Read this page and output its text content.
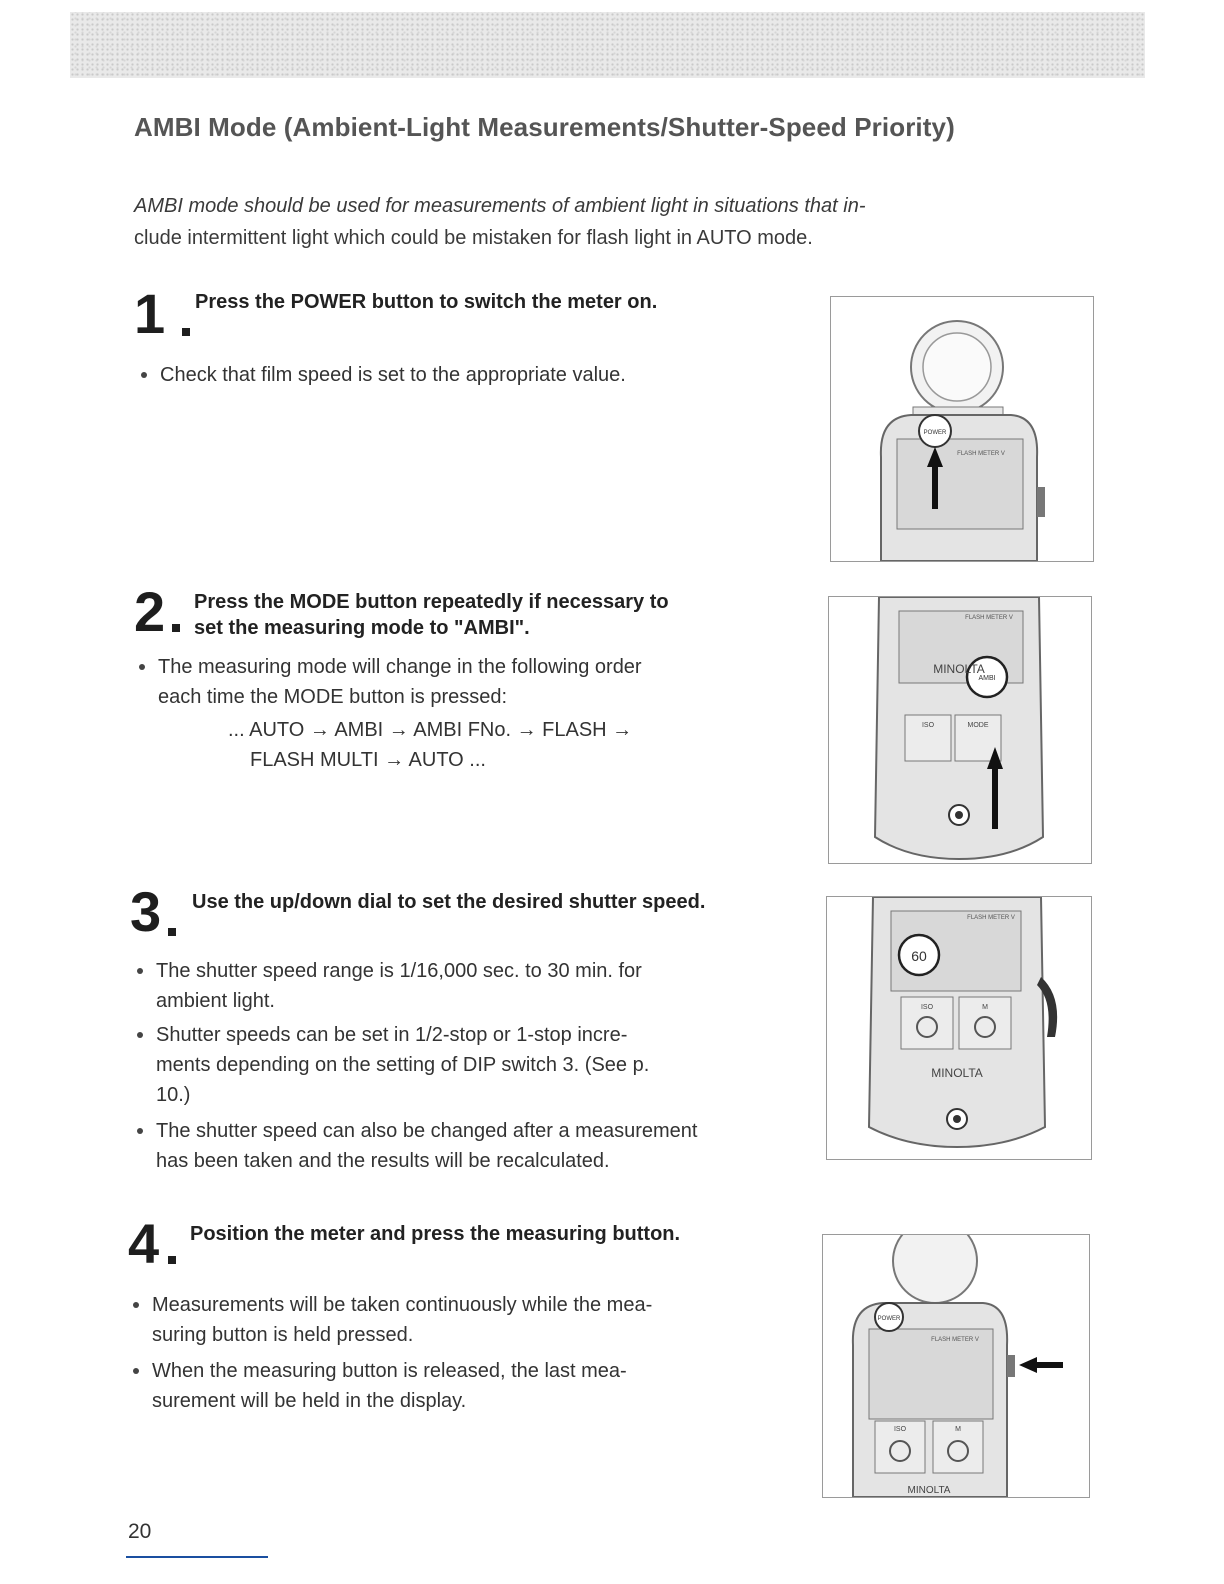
AMBI Mode (Ambient-Light Measurements/Shutter-Speed Priority)

AMBI mode should be used for measurements of ambient light in situations that in-
clude intermittent light which could be mistaken for flash light in AUTO mode.

1 Press the POWER button to switch the meter on.

Check that film speed is set to the appropriate value.
POWER
FLASH METER V
2 Press the MODE button repeatedly if necessary to

set the measuring mode to "AMBI".

The measuring mode will change in the following order
each time the MODE button is pressed:
... AUTO → AMBI → AMBI FNo. → FLASH →
FLASH MULTI → AUTO ...
FLASH METER V
AMBI
MINOLTA
ISO	MODE
3 Use the up/down dial to set the desired shutter speed.

The shutter speed range is 1/16,000 sec. to 30 min. for
ambient light.
Shutter speeds can be set in 1/2-stop or 1-stop incre-
ments depending on the setting of DIP switch 3. (See p.
10.)
The shutter speed can also be changed after a measurement
has been taken and the results will be recalculated.
FLASH METER V
60
ISO	M
MINOLTA
4 Position the meter and press the measuring button.

Measurements will be taken continuously while the mea-
suring button is held pressed.
When the measuring button is released, the last mea-
surement will be held in the display.
POWER
FLASH METER V
ISO	M
MINOLTA

20
